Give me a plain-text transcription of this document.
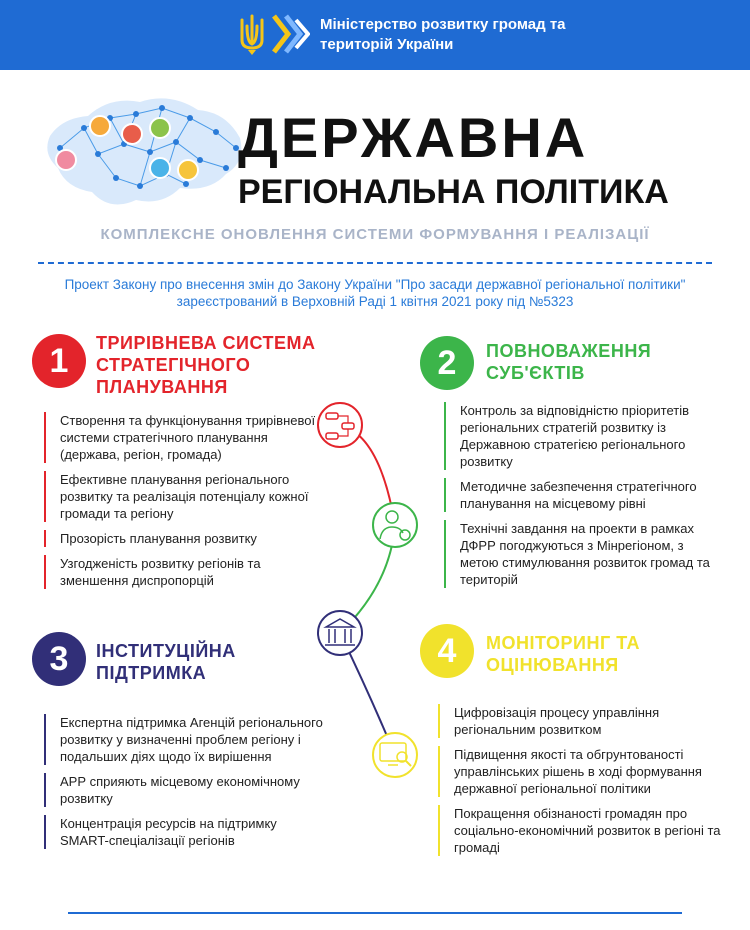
Міністерство розвитку громад та територій України
ДЕРЖАВНА
РЕГІОНАЛЬНА ПОЛІТИКА
КОМПЛЕКСНЕ ОНОВЛЕННЯ СИСТЕМИ ФОРМУВАННЯ І РЕАЛІЗАЦІЇ
Проект Закону про внесення змін до Закону України "Про засади державної регіональної політики" зареєстрований в Верховній Раді 1 квітня 2021 року під №5323
1	ТРИРІВНЕВА СИСТЕМА СТРАТЕГІЧНОГО ПЛАНУВАННЯ
Створення та функціонування трирівневої системи стратегічного планування (держава, регіон, громада)
Ефективне планування регіонального розвитку та реалізація потенціалу кожної громади та регіону
Прозорість планування розвитку
Узгодженість розвитку регіонів та зменшення диспропорцій
2	ПОВНОВАЖЕННЯ СУБ'ЄКТІВ
Контроль за відповідністю пріоритетів регіональних стратегій розвитку із Державною стратегією регіонального розвитку
Методичне забезпечення стратегічного планування на місцевому рівні
Технічні завдання на проекти в рамках ДФРР погоджуються з Мінрегіоном, з метою стимулювання розвиток громад та територій
3	ІНСТИТУЦІЙНА ПІДТРИМКА
Експертна підтримка Агенцій регіонального розвитку у визначенні проблем регіону і подальших діях щодо їх вирішення
АРР сприяють місцевому економічному розвитку
Концентрація ресурсів на підтримку SMART-спеціалізації регіонів
4	МОНІТОРИНГ ТА ОЦІНЮВАННЯ
Цифровізація процесу управління регіональним розвитком
Підвищення якості та обгрунтованості управлінських рішень в ході формування державної регіональної політики
Покращення обізнаності громадян про соціально-економічний розвиток в регіоні та громаді
